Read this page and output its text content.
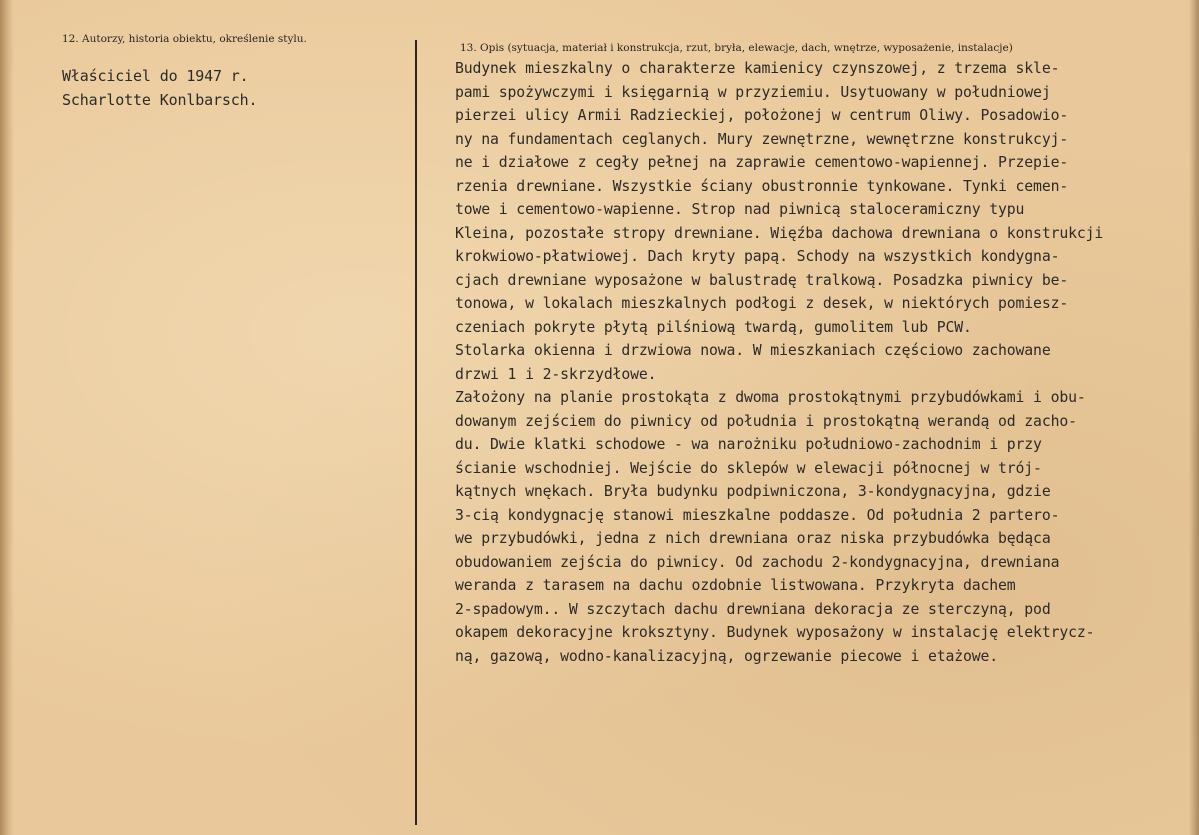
12. Autorzy, historia obiektu, określenie stylu.
Właściciel do 1947 r.
Scharlotte Konlbarsch.
13. Opis (sytuacja, materiał i konstrukcja, rzut, bryła, elewacje, dach, wnętrze, wyposażenie, instalacje)
Budynek mieszkalny o charakterze kamienicy czynszowej, z trzema skle-
pami spożywczymi i księgarnią w przyziemiu. Usytuowany w południowej
pierzei ulicy Armii Radzieckiej, położonej w centrum Oliwy. Posadowio-
ny na fundamentach ceglanych. Mury zewnętrzne, wewnętrzne konstrukcyj-
ne i działowe z cegły pełnej na zaprawie cementowo-wapiennej. Przepie-
rzenia drewniane. Wszystkie ściany obustronnie tynkowane. Tynki cemen-
towe i cementowo-wapienne. Strop nad piwnicą staloceramiczny typu
Kleina, pozostałe stropy drewniane. Więźba dachowa drewniana o konstrukcji
krokwiowo-płatwiowej. Dach kryty papą. Schody na wszystkich kondygna-
cjach drewniane wyposażone w balustradę tralkową. Posadzka piwnicy be-
tonowa, w lokalach mieszkalnych podłogi z desek, w niektórych pomiesz-
czeniach pokryte płytą pilśniową twardą, gumolitem lub PCW.
Stolarka okienna i drzwiowa nowa. W mieszkaniach częściowo zachowane
drzwi 1 i 2-skrzydłowe.
Założony na planie prostokąta z dwoma prostokątnymi przybudówkami i obu-
dowanym zejściem do piwnicy od południa i prostokątną werandą od zacho-
du. Dwie klatki schodowe - wa narożniku południowo-zachodnim i przy
ścianie wschodniej. Wejście do sklepów w elewacji północnej w trój-
kątnych wnękach. Bryła budynku podpiwniczona, 3-kondygnacyjna, gdzie
3-cią kondygnację stanowi mieszkalne poddasze. Od południa 2 partero-
we przybudówki, jedna z nich drewniana oraz niska przybudówka będąca
obudowaniem zejścia do piwnicy. Od zachodu 2-kondygnacyjna, drewniana
weranda z tarasem na dachu ozdobnie listwowana. Przykryta dachem
2-spadowym.. W szczytach dachu drewniana dekoracja ze sterczyną, pod
okapem dekoracyjne kroksztyny. Budynek wyposażony w instalację elektrycz-
ną, gazową, wodno-kanalizacyjną, ogrzewanie piecowe i etażowe.
